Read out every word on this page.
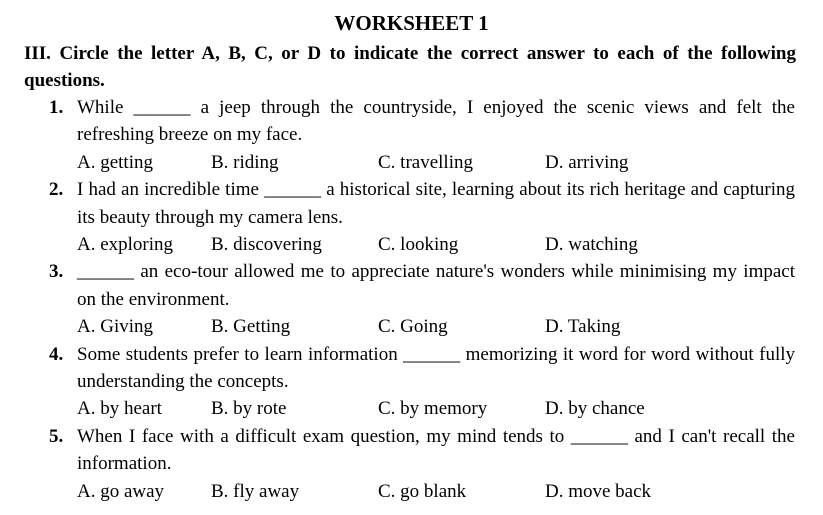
WORKSHEET 1
III. Circle the letter A, B, C, or D to indicate the correct answer to each of the following questions.
1. While ______ a jeep through the countryside, I enjoyed the scenic views and felt the refreshing breeze on my face.
A. getting	B. riding	C. travelling	D. arriving
2. I had an incredible time ______ a historical site, learning about its rich heritage and capturing its beauty through my camera lens.
A. exploring B. discovering	C. looking	D. watching
3. ______ an eco-tour allowed me to appreciate nature's wonders while minimising my impact on the environment.
A. Giving	B. Getting	C. Going	D. Taking
4. Some students prefer to learn information ______ memorizing it word for word without fully understanding the concepts.
A. by heart	B. by rote	C. by memory	D. by chance
5. When I face with a difficult exam question, my mind tends to ______ and I can't recall the information.
A. go away B. fly away	C. go blank	D. move back
